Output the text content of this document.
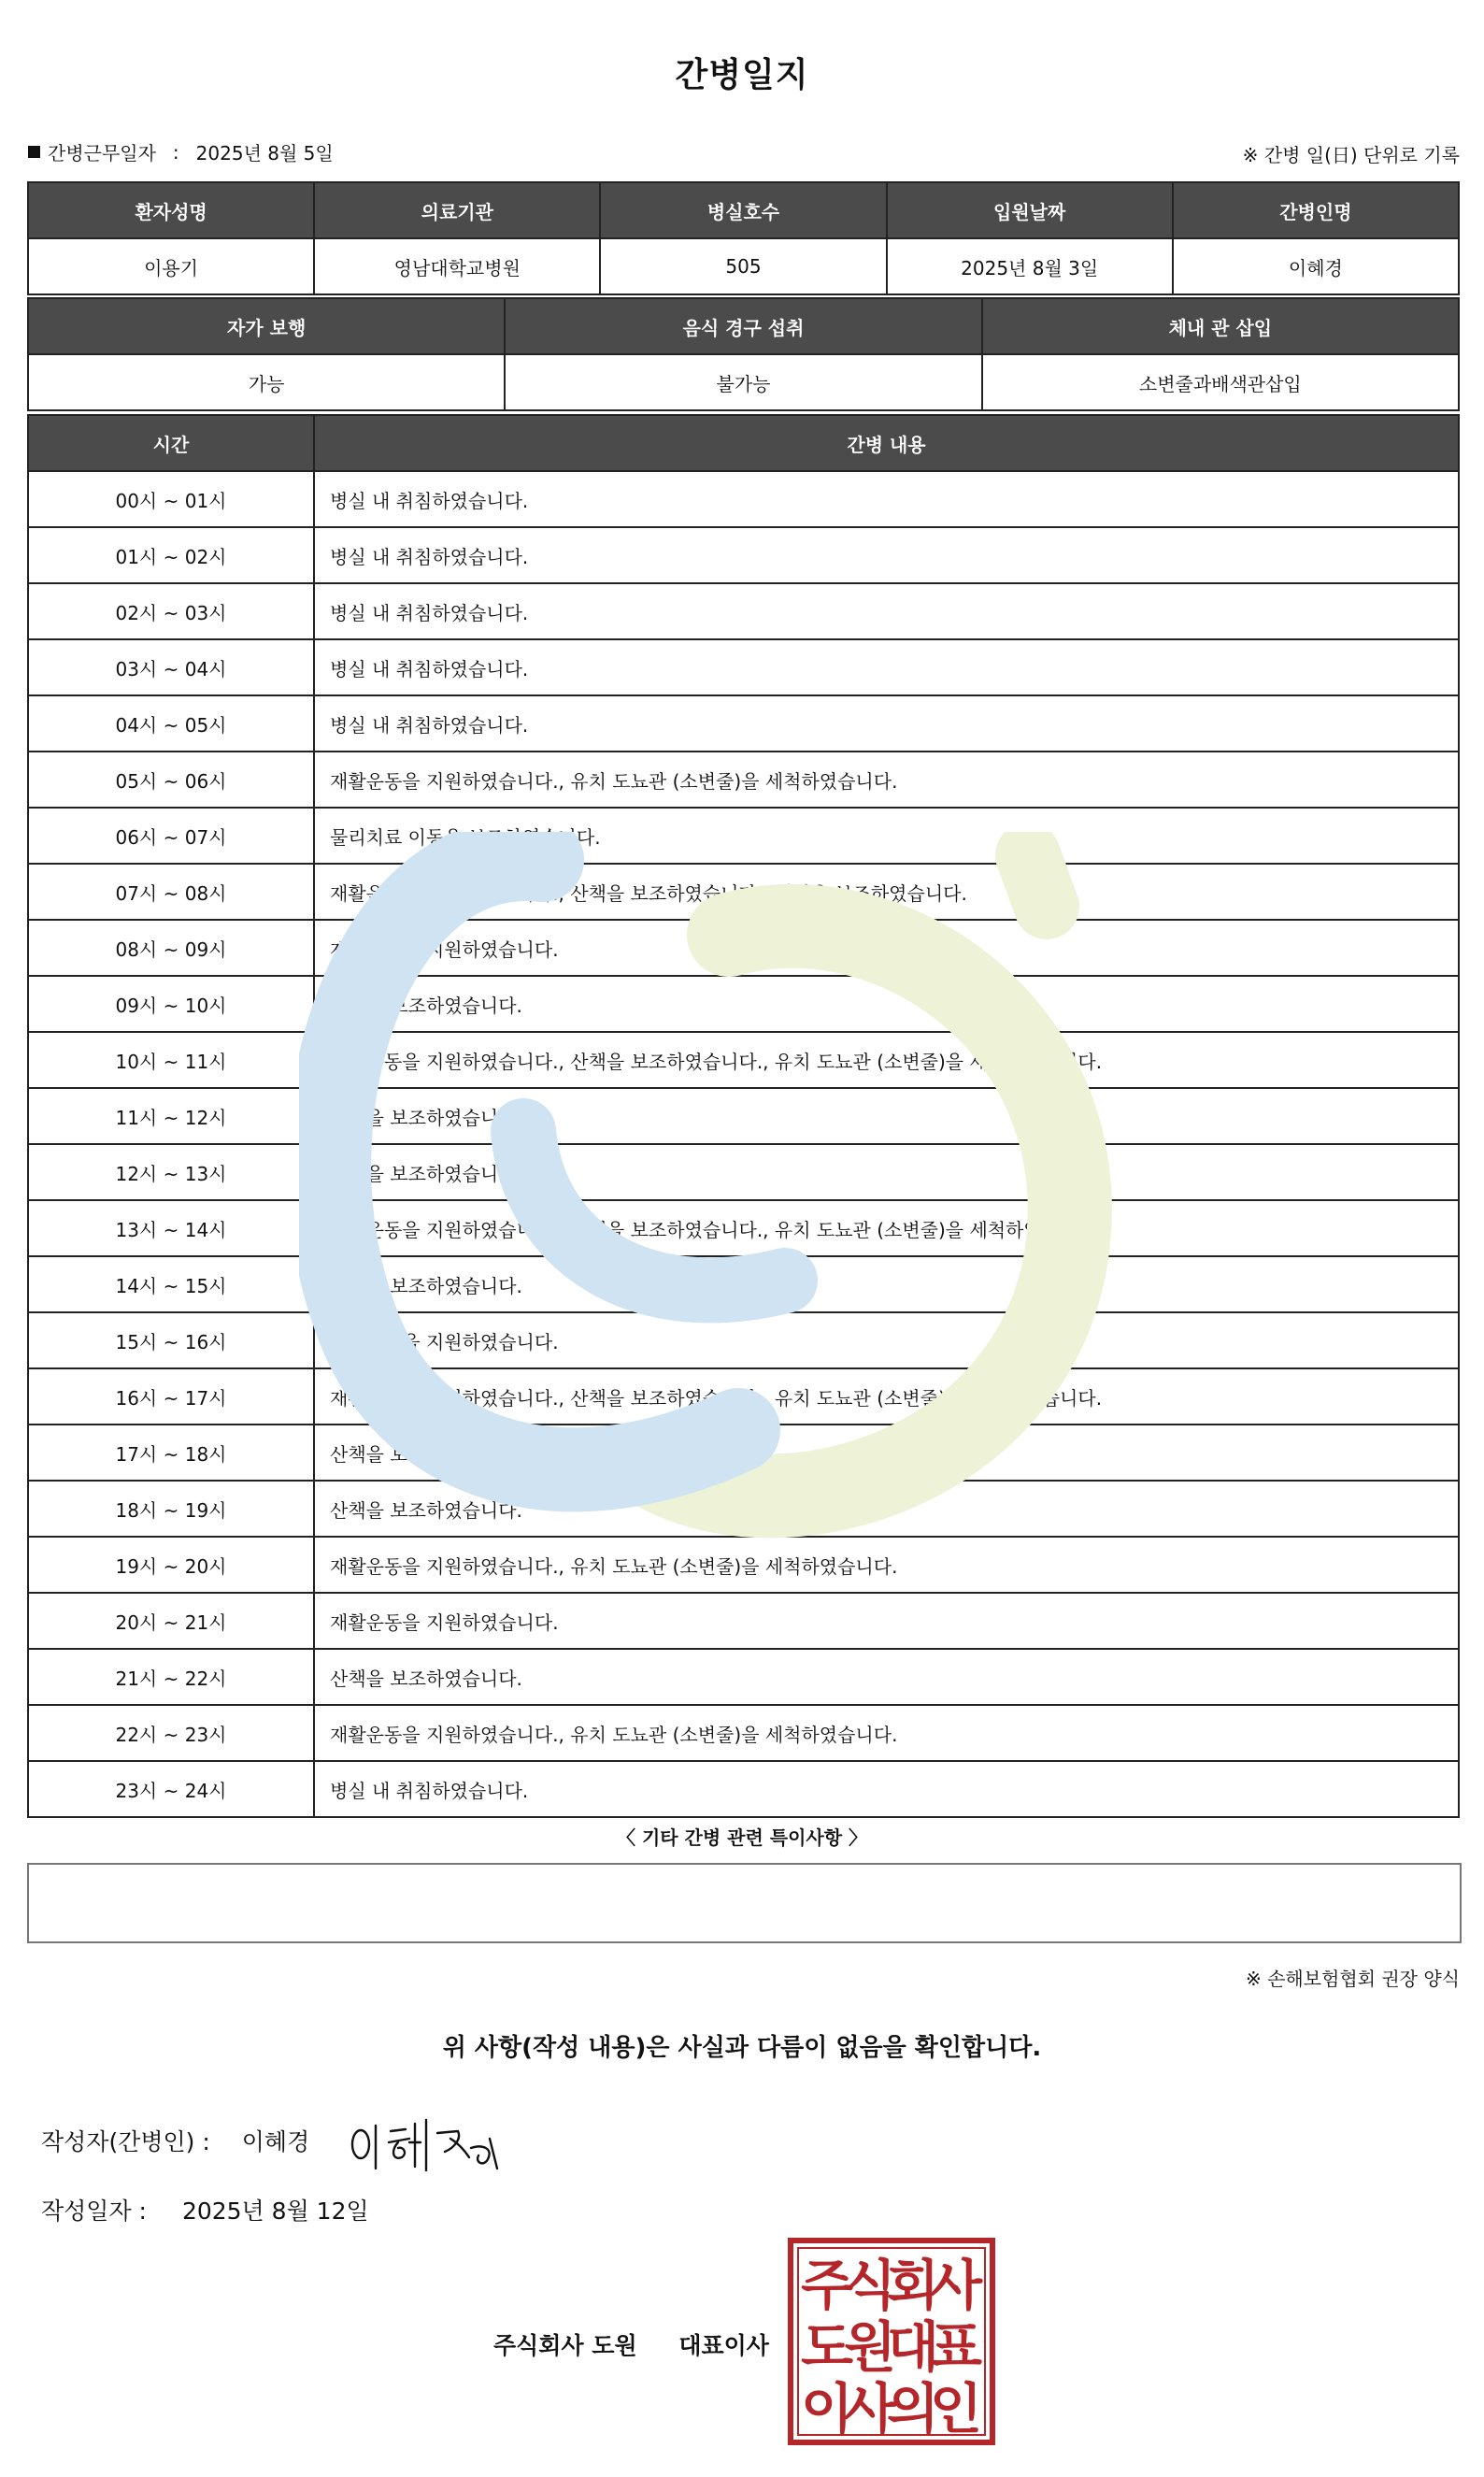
간병일지
간병근무일자 : 2025년 8월 5일	※ 간병 일(日) 단위로 기록
환자성명	의료기관	병실호수	입원날짜	간병인명
이용기	영남대학교병원	505	2025년 8월 3일	이혜경
자가 보행	음식 경구 섭취	체내 관 삽입
가능	불가능	소변줄과배색관삽입
시간	간병 내용
00시 ~ 01시	병실 내 취침하였습니다.
01시 ~ 02시	병실 내 취침하였습니다.
02시 ~ 03시	병실 내 취침하였습니다.
03시 ~ 04시	병실 내 취침하였습니다.
04시 ~ 05시	병실 내 취침하였습니다.
05시 ~ 06시	재활운동을 지원하였습니다., 유치 도뇨관 (소변줄)을 세척하였습니다.
06시 ~ 07시	물리치료 이동을 보조하였습니다.
07시 ~ 08시	재활운동을 지원하였습니다., 산책을 보조하였습니다., 세면을 보조하였습니다.
08시 ~ 09시	재활운동을 지원하였습니다.
09시 ~ 10시	산책을 보조하였습니다.
10시 ~ 11시	재활운동을 지원하였습니다., 산책을 보조하였습니다., 유치 도뇨관 (소변줄)을 세척하였습니다.
11시 ~ 12시	산책을 보조하였습니다.
12시 ~ 13시	산책을 보조하였습니다.
13시 ~ 14시	재활운동을 지원하였습니다., 산책을 보조하였습니다., 유치 도뇨관 (소변줄)을 세척하였습니다.
14시 ~ 15시	산책을 보조하였습니다.
15시 ~ 16시	재활운동을 지원하였습니다.
16시 ~ 17시	재활운동을 지원하였습니다., 산책을 보조하였습니다., 유치 도뇨관 (소변줄)을 세척하였습니다.
17시 ~ 18시	산책을 보조하였습니다.
18시 ~ 19시	산책을 보조하였습니다.
19시 ~ 20시	재활운동을 지원하였습니다., 유치 도뇨관 (소변줄)을 세척하였습니다.
20시 ~ 21시	재활운동을 지원하였습니다.
21시 ~ 22시	산책을 보조하였습니다.
22시 ~ 23시	재활운동을 지원하였습니다., 유치 도뇨관 (소변줄)을 세척하였습니다.
23시 ~ 24시	병실 내 취침하였습니다.
〈 기타 간병 관련 특이사항 〉
※ 손해보험협회 권장 양식
위 사항(작성 내용)은 사실과 다름이 없음을 확인합니다.
작성자(간병인) : 이혜경
작성일자 : 2025년 8월 12일
주식회사 도원 대표이사
주
식
회
사
도
원
대
표
이
사
의
인
